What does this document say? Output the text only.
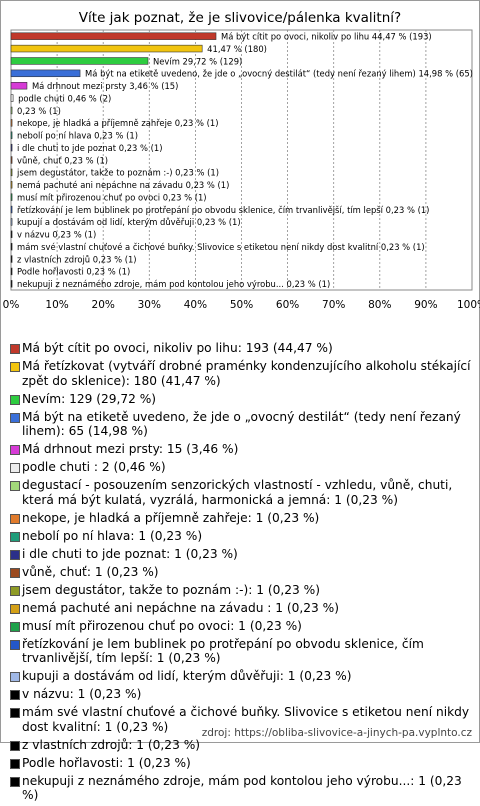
Víte jak poznat, že je slivovice/pálenka kvalitní?
0% 10% 20% 30% 40% 50% 60% 70% 80% 90% 100
Má být cítit po ovoci, nikoliv po lihu 44,47 % (193)
41,47 % (180)
Nevím 29,72 % (129)
Má být na etiketě uvedeno, že jde o „ovocný destilát“ (tedy není řezaný lihem) 14,98 % (65)
Má drhnout mezi prsty 3,46 % (15)
podle chuti 0,46 % (2)
0,23 % (1)
nekope, je hladká a příjemně zahřeje 0,23 % (1)
nebolí po ní hlava 0,23 % (1)
i dle chuti to jde poznat 0,23 % (1)
vůně, chuť 0,23 % (1)
jsem degustátor, takže to poznám :-) 0,23 % (1)
nemá pachuté ani nepáchne na závadu 0,23 % (1)
musí mít přirozenou chuť po ovoci 0,23 % (1)
řetízkování je lem bublinek po protřepání po obvodu sklenice, čím trvanlivější, tím lepší 0,23 % (1)
kupují a dostávám od lidí, kterým důvěřuji 0,23 % (1)
v názvu 0,23 % (1)
mám své vlastní chuťové a čichové buňky. Slivovice s etiketou není nikdy dost kvalitní 0,23 % (1)
z vlastních zdrojů 0,23 % (1)
Podle hořlavosti 0,23 % (1)
nekupuji z neznámého zdroje, mám pod kontolou jeho výrobu... 0,23 % (1)
Má být cítit po ovoci, nikoliv po lihu: 193 (44,47 %)
Má řetízkovat (vytváří drobné praménky kondenzujícího alkoholu stékající zpět do sklenice): 180 (41,47 %)
Nevím: 129 (29,72 %)
Má být na etiketě uvedeno, že jde o „ovocný destilát“ (tedy není řezaný lihem): 65 (14,98 %)
Má drhnout mezi prsty: 15 (3,46 %)
podle chuti : 2 (0,46 %)
degustací - posouzením senzorických vlastností - vzhledu, vůně, chuti, která má být kulatá, vyzrálá, harmonická a jemná: 1 (0,23 %)
nekope, je hladká a příjemně zahřeje: 1 (0,23 %)
nebolí po ní hlava: 1 (0,23 %)
i dle chuti to jde poznat: 1 (0,23 %)
vůně, chuť: 1 (0,23 %)
jsem degustátor, takže to poznám :-): 1 (0,23 %)
nemá pachuté ani nepáchne na závadu : 1 (0,23 %)
musí mít přirozenou chuť po ovoci: 1 (0,23 %)
řetízkování je lem bublinek po protřepání po obvodu sklenice, čím trvanlivější, tím lepší: 1 (0,23 %)
kupuji a dostávám od lidí, kterým důvěřuji: 1 (0,23 %)
v názvu: 1 (0,23 %)
mám své vlastní chuťové a čichové buňky. Slivovice s etiketou není nikdy dost kvalitní: 1 (0,23 %)
z vlastních zdrojů: 1 (0,23 %)
Podle hořlavosti: 1 (0,23 %)
nekupuji z neznámého zdroje, mám pod kontolou jeho výrobu...: 1 (0,23 %)	zdroj: https://obliba-slivovice-a-jinych-pa.vyplnto.cz
